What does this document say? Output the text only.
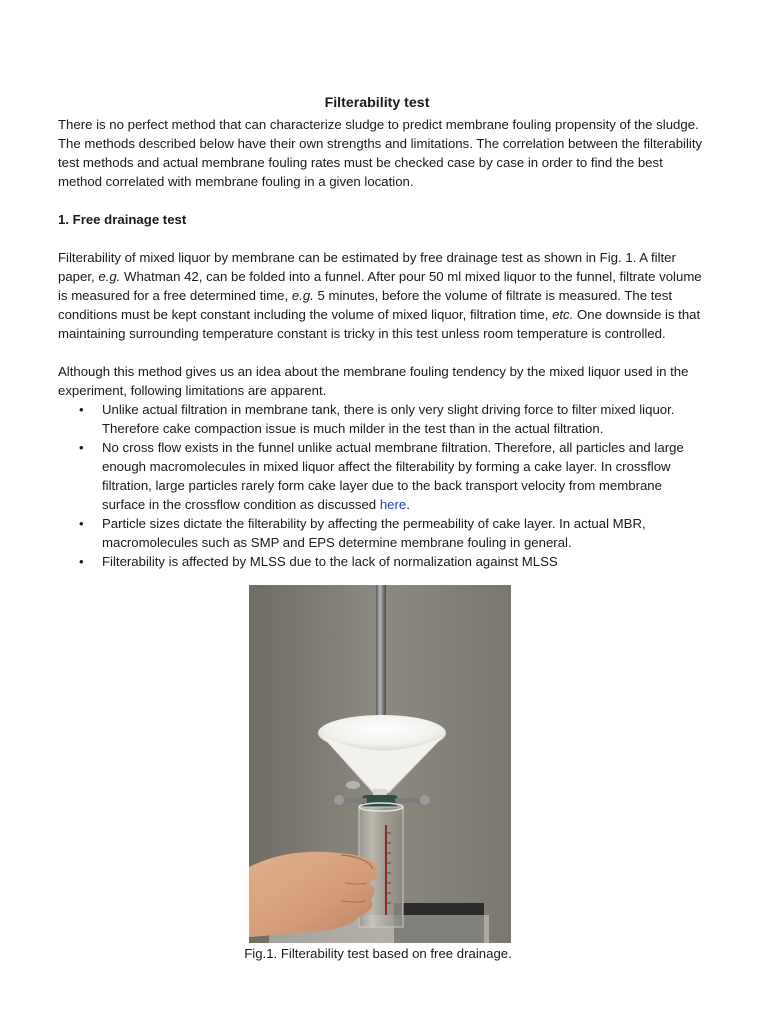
Filterability test

There is no perfect method that can characterize sludge to predict membrane fouling propensity of the sludge. The methods described below have their own strengths and limitations. The correlation between the filterability test methods and actual membrane fouling rates must be checked case by case in order to find the best method correlated with membrane fouling in a given location.

1. Free drainage test

Filterability of mixed liquor by membrane can be estimated by free drainage test as shown in Fig. 1. A filter paper, e.g. Whatman 42, can be folded into a funnel. After pour 50 ml mixed liquor to the funnel, filtrate volume is measured for a free determined time, e.g. 5 minutes, before the volume of filtrate is measured. The test conditions must be kept constant including the volume of mixed liquor, filtration time, etc. One downside is that maintaining surrounding temperature constant is tricky in this test unless room temperature is controlled.

Although this method gives us an idea about the membrane fouling tendency by the mixed liquor used in the experiment, following limitations are apparent.

• Unlike actual filtration in membrane tank, there is only very slight driving force to filter mixed liquor. Therefore cake compaction issue is much milder in the test than in the actual filtration.
• No cross flow exists in the funnel unlike actual membrane filtration. Therefore, all particles and large enough macromolecules in mixed liquor affect the filterability by forming a cake layer. In crossflow filtration, large particles rarely form cake layer due to the back transport velocity from membrane surface in the crossflow condition as discussed here.
• Particle sizes dictate the filterability by affecting the permeability of cake layer. In actual MBR, macromolecules such as SMP and EPS determine membrane fouling in general.
• Filterability is affected by MLSS due to the lack of normalization against MLSS
Fig.1. Filterability test based on free drainage.
